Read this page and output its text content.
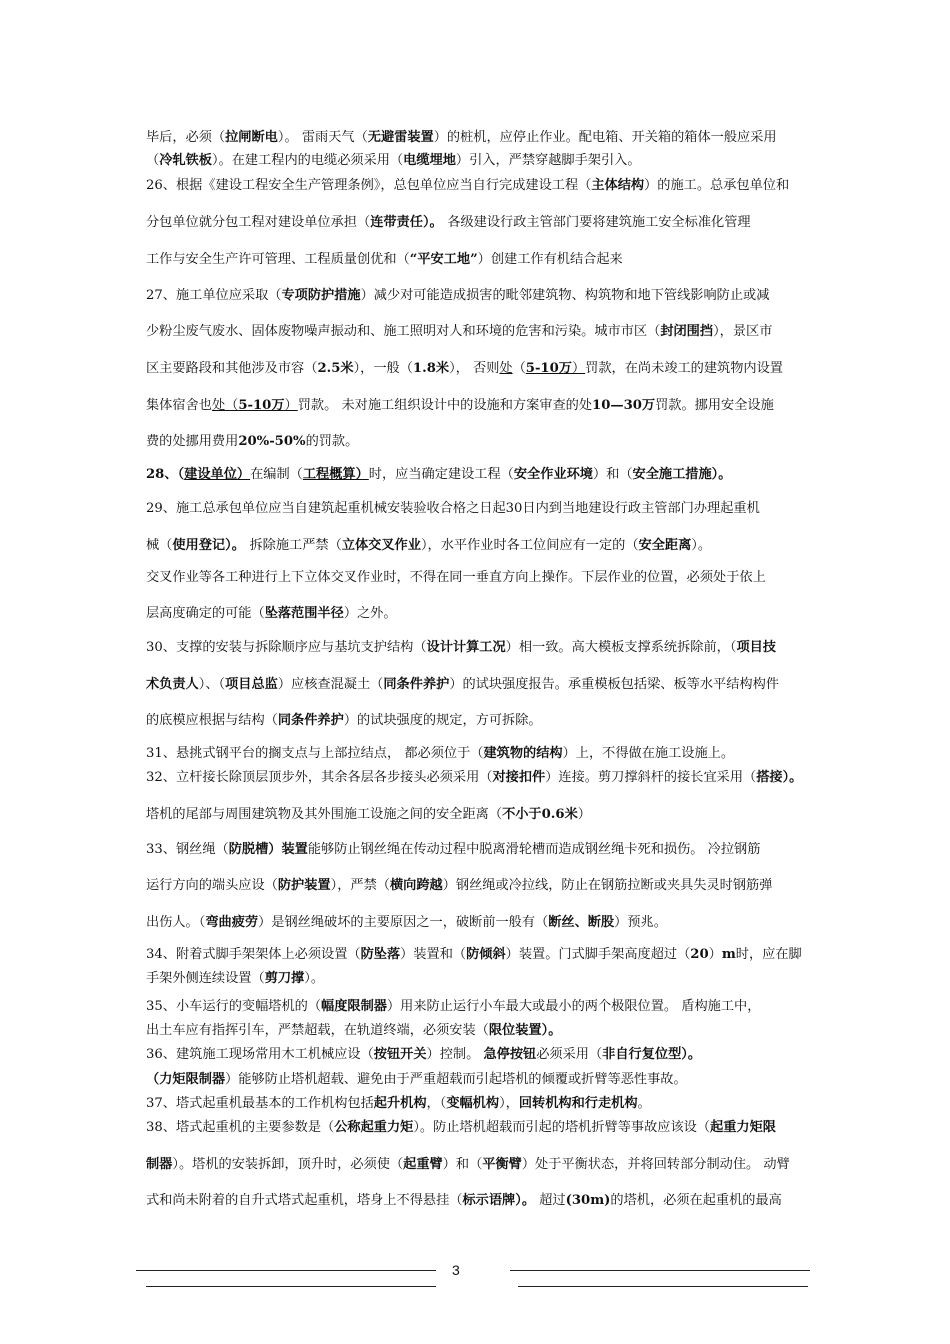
毕后，必须（拉闸断电）。 雷雨天气（无避雷装置）的桩机，应停止作业。配电箱、开关箱的箱体一般应采用
（冷轧铁板）。在建工程内的电缆必须采用（电缆埋地）引入，严禁穿越脚手架引入。
26、根据《建设工程安全生产管理条例》，总包单位应当自行完成建设工程（主体结构）的施工。总承包单位和
分包单位就分包工程对建设单位承担（连带责任）。 各级建设行政主管部门要将建筑施工安全标准化管理
工作与安全生产许可管理、工程质量创优和（“平安工地”）创建工作有机结合起来
27、施工单位应采取（专项防护措施）减少对可能造成损害的毗邻建筑物、构筑物和地下管线影响防止或减
少粉尘废气废水、固体废物噪声振动和、施工照明对人和环境的危害和污染。城市市区（封闭围挡），景区市
区主要路段和其他涉及市容（2.5米），一般（1.8米）， 否则处（5-10万）罚款，在尚未竣工的建筑物内设置
集体宿舍也处（5-10万）罚款。 未对施工组织设计中的设施和方案审查的处10—30万罚款。挪用安全设施
费的处挪用费用20%-50%的罚款。
28、（建设单位）在编制（工程概算）时，应当确定建设工程（安全作业环境）和（安全施工措施）。
29、施工总承包单位应当自建筑起重机械安装验收合格之日起30日内到当地建设行政主管部门办理起重机
械（使用登记）。 拆除施工严禁（立体交叉作业），水平作业时各工位间应有一定的（安全距离）。
交叉作业等各工种进行上下立体交叉作业时，不得在同一垂直方向上操作。下层作业的位置，必须处于依上
层高度确定的可能（坠落范围半径）之外。
30、支撑的安装与拆除顺序应与基坑支护结构（设计计算工况）相一致。高大模板支撑系统拆除前，（项目技
术负责人）、（项目总监）应核查混凝土（同条件养护）的试块强度报告。承重模板包括梁、板等水平结构构件
的底模应根据与结构（同条件养护）的试块强度的规定，方可拆除。
31、悬挑式钢平台的搁支点与上部拉结点， 都必须位于（建筑物的结构）上，不得做在施工设施上。
32、立杆接长除顶层顶步外，其余各层各步接头必须采用（对接扣件）连接。剪刀撑斜杆的接长宜采用（搭接）。
塔机的尾部与周围建筑物及其外围施工设施之间的安全距离（不小于0.6米）
33、钢丝绳（防脱槽）装置能够防止钢丝绳在传动过程中脱离滑轮槽而造成钢丝绳卡死和损伤。 冷拉钢筋
运行方向的端头应设（防护装置），严禁（横向跨越）钢丝绳或冷拉线，防止在钢筋拉断或夹具失灵时钢筋弹
出伤人。（弯曲疲劳）是钢丝绳破坏的主要原因之一，破断前一般有（断丝、断股）预兆。
34、附着式脚手架架体上必须设置（防坠落）装置和（防倾斜）装置。门式脚手架高度超过（20）m时，应在脚
手架外侧连续设置（剪刀撑）。
35、小车运行的变幅塔机的（幅度限制器）用来防止运行小车最大或最小的两个极限位置。 盾构施工中，
出土车应有指挥引车，严禁超载，在轨道终端，必须安装（限位装置）。
36、建筑施工现场常用木工机械应设（按钮开关）控制。 急停按钮必须采用（非自行复位型）。
（力矩限制器）能够防止塔机超载、避免由于严重超载而引起塔机的倾覆或折臂等恶性事故。
37、塔式起重机最基本的工作机构包括起升机构，（变幅机构），回转机构和行走机构。
38、塔式起重机的主要参数是（公称起重力矩）。防止塔机超载而引起的塔机折臂等事故应该设（起重力矩限
制器）。塔机的安装拆卸，顶升时，必须使（起重臂）和（平衡臂）处于平衡状态，并将回转部分制动住。 动臂
式和尚未附着的自升式塔式起重机，塔身上不得悬挂（标示语牌）。 超过(30m)的塔机，必须在起重机的最高
3
